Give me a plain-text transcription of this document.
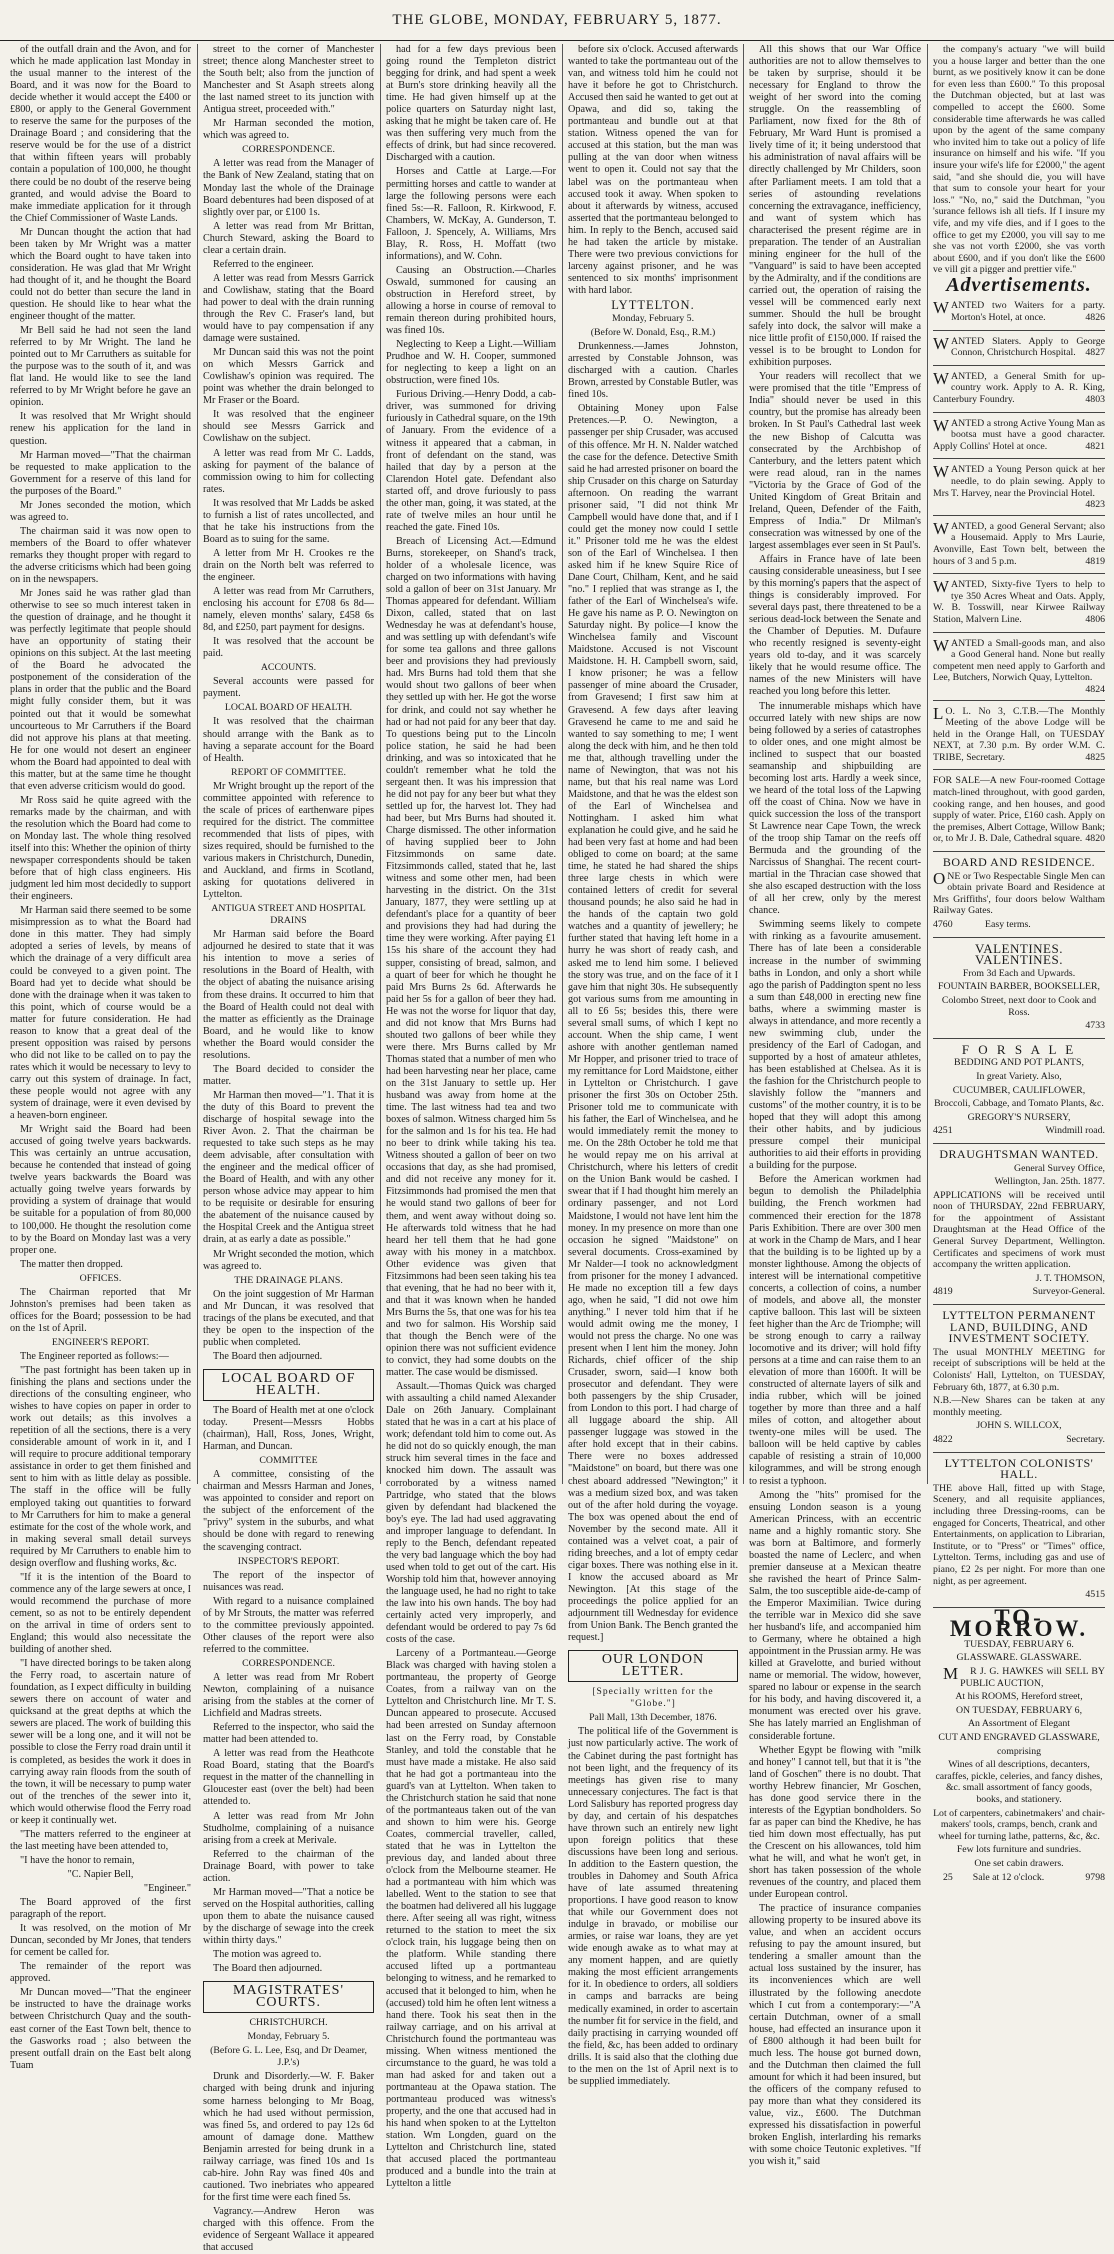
THE GLOBE, MONDAY, FEBRUARY 5, 1877.

of the outfall drain and the Avon, and for which he made application last Monday in the usual manner to the interest of the Board, and it was now for the Board to decide whether it would accept the £400 or £800, or apply to the General Government to reserve the same for the purposes of the Drainage Board ; and considering that the reserve would be for the use of a district that within fifteen years will probably contain a population of 100,000, he thought there could be no doubt of the reserve being granted, and would advise the Board to make immediate application for it through the Chief Commissioner of Waste Lands.

Mr Duncan thought the action that had been taken by Mr Wright was a matter which the Board ought to have taken into consideration. He was glad that Mr Wright had thought of it, and he thought the Board could not do better than secure the land in question. He should like to hear what the engineer thought of the matter.

Mr Bell said he had not seen the land referred to by Mr Wright. The land he pointed out to Mr Carruthers as suitable for the purpose was to the south of it, and was flat land. He would like to see the land referred to by Mr Wright before he gave an opinion.

It was resolved that Mr Wright should renew his application for the land in question.

Mr Harman moved—"That the chairman be requested to make application to the Government for a reserve of this land for the purposes of the Board."

Mr Jones seconded the motion, which was agreed to.

The chairman said it was now open to members of the Board to offer whatever remarks they thought proper with regard to the adverse criticisms which had been going on in the newspapers.

Mr Jones said he was rather glad than otherwise to see so much interest taken in the question of drainage, and he thought it was perfectly legitimate that people should have an opportunity of stating their opinions on this subject. At the last meeting of the Board he advocated the postponement of the consideration of the plans in order that the public and the Board might fully consider them, but it was pointed out that it would be somewhat uncourteous to Mr Carruthers if the Board did not approve his plans at that meeting. He for one would not desert an engineer whom the Board had appointed to deal with this matter, but at the same time he thought that even adverse criticism would do good.

Mr Ross said he quite agreed with the remarks made by the chairman, and with the resolution which the Board had come to on Monday last. The whole thing resolved itself into this: Whether the opinion of thirty newspaper correspondents should be taken before that of high class engineers. His judgment led him most decidedly to support their engineers.

Mr Harman said there seemed to be some misimpression as to what the Board had done in this matter. They had simply adopted a series of levels, by means of which the drainage of a very difficult area could be conveyed to a given point. The Board had yet to decide what should be done with the drainage when it was taken to this point, which of course would be a matter for future consideration. He had reason to know that a great deal of the present opposition was raised by persons who did not like to be called on to pay the rates which it would be necessary to levy to carry out this system of drainage. In fact, these people would not agree with any system of drainage, were it even devised by a heaven-born engineer.

Mr Wright said the Board had been accused of going twelve years backwards. This was certainly an untrue accusation, because he contended that instead of going twelve years backwards the Board was actually going twelve years forwards by providing a system of drainage that would be suitable for a population of from 80,000 to 100,000. He thought the resolution come to by the Board on Monday last was a very proper one.

The matter then dropped.

OFFICES.

The Chairman reported that Mr Johnston's premises had been taken as offices for the Board; possession to be had on the 1st of April.

ENGINEER'S REPORT.

The Engineer reported as follows:—

"The past fortnight has been taken up in finishing the plans and sections under the directions of the consulting engineer, who wishes to have copies on paper in order to work out details; as this involves a repetition of all the sections, there is a very considerable amount of work in it, and I will require to procure additional temporary assistance in order to get them finished and sent to him with as little delay as possible. The staff in the office will be fully employed taking out quantities to forward to Mr Carruthers for him to make a general estimate for the cost of the whole work, and in making several small detail surveys required by Mr Carruthers to enable him to design overflow and flushing works, &c.

"If it is the intention of the Board to commence any of the large sewers at once, I would recommend the purchase of more cement, so as not to be entirely dependent on the arrival in time of orders sent to England; this would also necessitate the building of another shed.

"I have directed borings to be taken along the Ferry road, to ascertain nature of foundation, as I expect difficulty in building sewers there on account of water and quicksand at the great depths at which the sewers are placed. The work of building this sewer will be a long one, and it will not be possible to close the Ferry road drain until it is completed, as besides the work it does in carrying away rain floods from the south of the town, it will be necessary to pump water out of the trenches of the sewer into it, which would otherwise flood the Ferry road or keep it continually wet.

"The matters referred to the engineer at the last meeting have been attended to,

"I have the honor to remain,

"C. Napier Bell,

"Engineer."

The Board approved of the first paragraph of the report.

It was resolved, on the motion of Mr Duncan, seconded by Mr Jones, that tenders for cement be called for.

The remainder of the report was approved.

Mr Duncan moved—"That the engineer be instructed to have the drainage works between Christchurch Quay and the south-east corner of the East Town belt, thence to the Gasworks road ; also between the present outfall drain on the East belt along Tuam

street to the corner of Manchester street; thence along Manchester street to the South belt; also from the junction of Manchester and St Asaph streets along the last named street to its junction with Antigua street, proceeded with."

Mr Harman seconded the motion, which was agreed to.

CORRESPONDENCE.

A letter was read from the Manager of the Bank of New Zealand, stating that on Monday last the whole of the Drainage Board debentures had been disposed of at slightly over par, or £100 1s.

A letter was read from Mr Brittan, Church Steward, asking the Board to clear a certain drain.

Referred to the engineer.

A letter was read from Messrs Garrick and Cowlishaw, stating that the Board had power to deal with the drain running through the Rev C. Fraser's land, but would have to pay compensation if any damage were sustained.

Mr Duncan said this was not the point on which Messrs Garrick and Cowlishaw's opinion was required. The point was whether the drain belonged to Mr Fraser or the Board.

It was resolved that the engineer should see Messrs Garrick and Cowlishaw on the subject.

A letter was read from Mr C. Ladds, asking for payment of the balance of commission owing to him for collecting rates.

It was resolved that Mr Ladds be asked to furnish a list of rates uncollected, and that he take his instructions from the Board as to suing for the same.

A letter from Mr H. Crookes re the drain on the North belt was referred to the engineer.

A letter was read from Mr Carruthers, enclosing his account for £708 6s 8d—namely, eleven months' salary, £458 6s 8d, and £250, part payment for designs.

It was resolved that the account be paid.

ACCOUNTS.

Several accounts were passed for payment.

LOCAL BOARD OF HEALTH.

It was resolved that the chairman should arrange with the Bank as to having a separate account for the Board of Health.

REPORT OF COMMITTEE.

Mr Wright brought up the report of the committee appointed with reference to the scale of prices of earthenware pipes required for the district. The committee recommended that lists of pipes, with sizes required, should be furnished to the various makers in Christchurch, Dunedin, and Auckland, and firms in Scotland, asking for quotations delivered in Lyttelton.

ANTIGUA STREET AND HOSPITAL DRAINS

Mr Harman said before the Board adjourned he desired to state that it was his intention to move a series of resolutions in the Board of Health, with the object of abating the nuisance arising from these drains. It occurred to him that the Board of Health could not deal with the matter as efficiently as the Drainage Board, and he would like to know whether the Board would consider the resolutions.

The Board decided to consider the matter.

Mr Harman then moved—"1. That it is the duty of this Board to prevent the discharge of hospital sewage into the River Avon. 2. That the chairman be requested to take such steps as he may deem advisable, after consultation with the engineer and the medical officer of the Board of Health, and with any other person whose advice may appear to him to be requisite or desirable for ensuring the abatement of the nuisance caused by the Hospital Creek and the Antigua street drain, at as early a date as possible."

Mr Wright seconded the motion, which was agreed to.

THE DRAINAGE PLANS.

On the joint suggestion of Mr Harman and Mr Duncan, it was resolved that tracings of the plans be executed, and that they be open to the inspection of the public when completed.

The Board then adjourned.

LOCAL BOARD OF HEALTH.

The Board of Health met at one o'clock today. Present—Messrs Hobbs (chairman), Hall, Ross, Jones, Wright, Harman, and Duncan.

COMMITTEE

A committee, consisting of the chairman and Messrs Harman and Jones, was appointed to consider and report on the subject of the enforcement of the "privy" system in the suburbs, and what should be done with regard to renewing the scavenging contract.

INSPECTOR'S REPORT.

The report of the inspector of nuisances was read.

With regard to a nuisance complained of by Mr Strouts, the matter was referred to the committee previously appointed. Other clauses of the report were also referred to the committee.

CORRESPONDENCE.

A letter was read from Mr Robert Newton, complaining of a nuisance arising from the stables at the corner of Lichfield and Madras streets.

Referred to the inspector, who said the matter had been attended to.

A letter was read from the Heathcote Road Board, stating that the Board's request in the matter of the channelling in Gloucester east (over the belt) had been attended to.

A letter was read from Mr John Studholme, complaining of a nuisance arising from a creek at Merivale.

Referred to the chairman of the Drainage Board, with power to take action.

Mr Harman moved—"That a notice be served on the Hospital authorities, calling upon them to abate the nuisance caused by the discharge of sewage into the creek within thirty days."

The motion was agreed to.

The Board then adjourned.

MAGISTRATES' COURTS.

CHRISTCHURCH.

Monday, February 5.

(Before G. L. Lee, Esq, and Dr Deamer, J.P.'s)

Drunk and Disorderly.—W. F. Baker charged with being drunk and injuring some harness belonging to Mr Boag, which he had used without permission, was fined 5s, and ordered to pay 12s 6d amount of damage done. Matthew Benjamin arrested for being drunk in a railway carriage, was fined 10s and 1s cab-hire. John Ray was fined 40s and cautioned. Two inebriates who appeared for the first time were each fined 5s.

Vagrancy.—Andrew Heron was charged with this offence. From the evidence of Sergeant Wallace it appeared that accused

had for a few days previous been going round the Templeton district begging for drink, and had spent a week at Burn's store drinking heavily all the time. He had given himself up at the police quarters on Saturday night last, asking that he might be taken care of. He was then suffering very much from the effects of drink, but had since recovered. Discharged with a caution.

Horses and Cattle at Large.—For permitting horses and cattle to wander at large the following persons were each fined 5s:—R. Falloon, R. Kirkwood, F. Chambers, W. McKay, A. Gunderson, T. Falloon, J. Spencely, A. Williams, Mrs Blay, R. Ross, H. Moffatt (two informations), and W. Cohn.

Causing an Obstruction.—Charles Oswald, summoned for causing an obstruction in Hereford street, by allowing a horse in course of removal to remain thereon during prohibited hours, was fined 10s.

Neglecting to Keep a Light.—William Prudhoe and W. H. Cooper, summoned for neglecting to keep a light on an obstruction, were fined 10s.

Furious Driving.—Henry Dodd, a cab-driver, was summoned for driving furiously in Cathedral square, on the 19th of January. From the evidence of a witness it appeared that a cabman, in front of defendant on the stand, was hailed that day by a person at the Clarendon Hotel gate. Defendant also started off, and drove furiously to pass the other man, going, it was stated, at the rate of twelve miles an hour until he reached the gate. Fined 10s.

Breach of Licensing Act.—Edmund Burns, storekeeper, on Shand's track, holder of a wholesale licence, was charged on two informations with having sold a gallon of beer on 31st January. Mr Thomas appeared for defendant. William Dixon, called, stated that on last Wednesday he was at defendant's house, and was settling up with defendant's wife for some tea gallons and three gallons beer and provisions they had previously had. Mrs Burns had told them that she would shout two gallons of beer when they settled up with her. He got the worse for drink, and could not say whether he had or had not paid for any beer that day. To questions being put to the Lincoln police station, he said he had been drinking, and was so intoxicated that he couldn't remember what he told the sergeant then. It was his impression that he did not pay for any beer but what they settled up for, the harvest lot. They had had beer, but Mrs Burns had shouted it. Charge dismissed. The other information of having supplied beer to John Fitzsimmonds on same date. Fitzsimmonds called, stated that he, last witness and some other men, had been harvesting in the district. On the 31st January, 1877, they were settling up at defendant's place for a quantity of beer and provisions they had had during the time they were working. After paying £1 15s his share of the account they had supper, consisting of bread, salmon, and a quart of beer for which he thought he paid Mrs Burns 2s 6d. Afterwards he paid her 5s for a gallon of beer they had. He was not the worse for liquor that day, and did not know that Mrs Burns had shouted two gallons of beer while they were there. Mrs Burns called by Mr Thomas stated that a number of men who had been harvesting near her place, came on the 31st January to settle up. Her husband was away from home at the time. The last witness had tea and two boxes of salmon. Witness charged him 5s for the salmon and 1s for his tea. He had no beer to drink while taking his tea. Witness shouted a gallon of beer on two occasions that day, as she had promised, and did not receive any money for it. Fitzsimmonds had promised the men that he would stand two gallons of beer for them, and went away without doing so. He afterwards told witness that he had heard her tell them that he had gone away with his money in a matchbox. Other evidence was given that Fitzsimmons had been seen taking his tea that evening, that he had no beer with it, and that it was known when he handed Mrs Burns the 5s, that one was for his tea and two for salmon. His Worship said that though the Bench were of the opinion there was not sufficient evidence to convict, they had some doubts on the matter. The case would be dismissed.

Assault.—Thomas Quick was charged with assaulting a child named Alexander Dale on 26th January. Complainant stated that he was in a cart at his place of work; defendant told him to come out. As he did not do so quickly enough, the man struck him several times in the face and knocked him down. The assault was corroborated by a witness named Partridge, who stated that the blows given by defendant had blackened the boy's eye. The lad had used aggravating and improper language to defendant. In reply to the Bench, defendant repeated the very bad language which the boy had used when told to get out of the cart. His Worship told him that, however annoying the language used, he had no right to take the law into his own hands. The boy had certainly acted very improperly, and defendant would be ordered to pay 7s 6d costs of the case.

Larceny of a Portmanteau.—George Black was charged with having stolen a portmanteau, the property of George Coates, from a railway van on the Lyttelton and Christchurch line. Mr T. S. Duncan appeared to prosecute. Accused had been arrested on Sunday afternoon last on the Ferry road, by Constable Stanley, and told the constable that he must have made a mistake. He also said that he had got a portmanteau into the guard's van at Lyttelton. When taken to the Christchurch station he said that none of the portmanteaus taken out of the van and shown to him were his. George Coates, commercial traveller, called, stated that he was in Lyttelton the previous day, and landed about three o'clock from the Melbourne steamer. He had a portmanteau with him which was labelled. Went to the station to see that the boatmen had delivered all his luggage there. After seeing all was right, witness returned to the station to meet the six o'clock train, his luggage being then on the platform. While standing there accused lifted up a portmanteau belonging to witness, and he remarked to accused that it belonged to him, when he (accused) told him he often lent witness a hand there. Took his seat then in the railway carriage, and on his arrival at Christchurch found the portmanteau was missing. When witness mentioned the circumstance to the guard, he was told a man had asked for and taken out a portmanteau at the Opawa station. The portmanteau produced was witness's property, and the one that accused had in his hand when spoken to at the Lyttelton station. Wm Longden, guard on the Lyttelton and Christchurch line, stated that accused placed the portmanteau produced and a bundle into the train at Lyttelton a little

before six o'clock. Accused afterwards wanted to take the portmanteau out of the van, and witness told him he could not have it before he got to Christchurch. Accused then said he wanted to get out at Opawa, and did so, taking the portmanteau and bundle out at that station. Witness opened the van for accused at this station, but the man was pulling at the van door when witness went to open it. Could not say that the label was on the portmanteau when accused took it away. When spoken to about it afterwards by witness, accused asserted that the portmanteau belonged to him. In reply to the Bench, accused said he had taken the article by mistake. There were two previous convictions for larceny against prisoner, and he was sentenced to six months' imprisonment with hard labor.

LYTTELTON.

Monday, February 5.

(Before W. Donald, Esq., R.M.)

Drunkenness.—James Johnston, arrested by Constable Johnson, was discharged with a caution. Charles Brown, arrested by Constable Butler, was fined 10s.

Obtaining Money upon False Pretences.—P. O. Newington, a passenger per ship Crusader, was accused of this offence. Mr H. N. Nalder watched the case for the defence. Detective Smith said he had arrested prisoner on board the ship Crusader on this charge on Saturday afternoon. On reading the warrant prisoner said, "I did not think Mr Campbell would have done that, and if I could get the money now could I settle it." Prisoner told me he was the eldest son of the Earl of Winchelsea. I then asked him if he knew Squire Rice of Dane Court, Chilham, Kent, and he said "no." I replied that was strange as I, the father of the Earl of Winchelsea's wife. He gave his name as P. O. Newington on Saturday night. By police—I know the Winchelsea family and Viscount Maidstone. Accused is not Viscount Maidstone. H. H. Campbell sworn, said, I know prisoner; he was a fellow passenger of mine aboard the Crusader, from Gravesend; I first saw him at Gravesend. A few days after leaving Gravesend he came to me and said he wanted to say something to me; I went along the deck with him, and he then told me that, although travelling under the name of Newington, that was not his name, but that his real name was Lord Maidstone, and that he was the eldest son of the Earl of Winchelsea and Nottingham. I asked him what explanation he could give, and he said he had been very fast at home and had been obliged to come on board; at the same time, he stated he had shared the ships three large chests in which were contained letters of credit for several thousand pounds; he also said he had in the hands of the captain two gold watches and a quantity of jewellery; he further stated that having left home in a hurry he was short of ready cash, and asked me to lend him some. I believed the story was true, and on the face of it I gave him that night 30s. He subsequently got various sums from me amounting in all to £6 5s; besides this, there were several small sums, of which I kept no account. When the ship came, I went ashore with another gentleman named Mr Hopper, and prisoner tried to trace of my remittance for Lord Maidstone, either in Lyttelton or Christchurch. I gave prisoner the first 30s on October 25th. Prisoner told me to communicate with his father, the Earl of Winchelsea, and he would immediately remit the money to me. On the 28th October he told me that he would repay me on his arrival at Christchurch, where his letters of credit on the Union Bank would be cashed. I swear that if I had thought him merely an ordinary passenger, and not Lord Maidstone, I would not have lent him the money. In my presence on more than one occasion he signed "Maidstone" on several documents. Cross-examined by Mr Nalder—I took no acknowledgment from prisoner for the money I advanced. He made no exception till a few days ago, when he said, "I did not owe him anything." I never told him that if he would admit owing me the money, I would not press the charge. No one was present when I lent him the money. John Richards, chief officer of the ship Crusader, sworn, said—I know both prosecutor and defendant. They were both passengers by the ship Crusader, from London to this port. I had charge of all luggage aboard the ship. All passenger luggage was stowed in the after hold except that in their cabins. There were no boxes addressed "Maidstone" on board, but there was one chest aboard addressed "Newington;" it was a medium sized box, and was taken out of the after hold during the voyage. The box was opened about the end of November by the second mate. All it contained was a velvet coat, a pair of riding breeches, and a lot of empty cedar cigar boxes. There was nothing else in it. I know the accused aboard as Mr Newington. [At this stage of the proceedings the police applied for an adjournment till Wednesday for evidence from Union Bank. The Bench granted the request.]

OUR LONDON LETTER.

[Specially written for the "Globe."]

Pall Mall, 13th December, 1876.

The political life of the Government is just now particularly active. The work of the Cabinet during the past fortnight has not been light, and the frequency of its meetings has given rise to many unnecessary conjectures. The fact is that Lord Salisbury has reported progress day by day, and certain of his despatches have thrown such an entirely new light upon foreign politics that these discussions have been long and serious. In addition to the Eastern question, the troubles in Dahomey and South Africa have of late assumed threatening proportions. I have good reason to know that while our Government does not indulge in bravado, or mobilise our armies, or raise war loans, they are yet wide enough awake as to what may at any moment happen, and are quietly making the most efficient arrangements for it. In obedience to orders, all soldiers in camps and barracks are being medically examined, in order to ascertain the number fit for service in the field, and daily practising in carrying wounded off the field, &c, has been added to ordinary drills. It is said also that the clothing due to the men on the 1st of April next is to be supplied immediately.

All this shows that our War Office authorities are not to allow themselves to be taken by surprise, should it be necessary for England to throw the weight of her sword into the coming struggle. On the reassembling of Parliament, now fixed for the 8th of February, Mr Ward Hunt is promised a lively time of it; it being understood that his administration of naval affairs will be directly challenged by Mr Childers, soon after Parliament meets. I am told that a series of astounding revelations concerning the extravagance, inefficiency, and want of system which has characterised the present régime are in preparation. The tender of an Australian mining engineer for the hull of the "Vanguard" is said to have been accepted by the Admiralty, and if the conditions are carried out, the operation of raising the vessel will be commenced early next summer. Should the hull be brought safely into dock, the salvor will make a nice little profit of £150,000. If raised the vessel is to be brought to London for exhibition purposes.

Your readers will recollect that we were promised that the title "Empress of India" should never be used in this country, but the promise has already been broken. In St Paul's Cathedral last week the new Bishop of Calcutta was consecrated by the Archbishop of Canterbury, and the letters patent which were read aloud, ran in the names "Victoria by the Grace of God of the United Kingdom of Great Britain and Ireland, Queen, Defender of the Faith, Empress of India." Dr Milman's consecration was witnessed by one of the largest assemblages ever seen in St Paul's.

Affairs in France have of late been causing considerable uneasiness, but I see by this morning's papers that the aspect of things is considerably improved. For several days past, there threatened to be a serious dead-lock between the Senate and the Chamber of Deputies. M. Dufaure who recently resigned is seventy-eight years old to-day, and it was scarcely likely that he would resume office. The names of the new Ministers will have reached you long before this letter.

The innumerable mishaps which have occurred lately with new ships are now being followed by a series of catastrophes to older ones, and one might almost be inclined to suspect that our boasted seamanship and shipbuilding are becoming lost arts. Hardly a week since, we heard of the total loss of the Lapwing off the coast of China. Now we have in quick succession the loss of the transport St Lawrence near Cape Town, the wreck of the troop ship Tamar on the reefs off Bermuda and the grounding of the Narcissus of Shanghai. The recent court-martial in the Thracian case showed that she also escaped destruction with the loss of all her crew, only by the merest chance.

Swimming seems likely to compete with rinking as a favourite amusement. There has of late been a considerable increase in the number of swimming baths in London, and only a short while ago the parish of Paddington spent no less a sum than £48,000 in erecting new fine baths, where a swimming master is always in attendance, and more recently a new swimming club, under the presidency of the Earl of Cadogan, and supported by a host of amateur athletes, has been established at Chelsea. As it is the fashion for the Christchurch people to slavishly follow the "manners and customs" of the mother country, it is to be hoped that they will adopt this among their other habits, and by judicious pressure compel their municipal authorities to aid their efforts in providing a building for the purpose.

Before the American workmen had begun to demolish the Philadelphia building, the French workmen had commenced their erection for the 1878 Paris Exhibition. There are over 300 men at work in the Champ de Mars, and I hear that the building is to be lighted up by a monster lighthouse. Among the objects of interest will be international competitive concerts, a collection of coins, a number of models, and above all, the monster captive balloon. This last will be sixteen feet higher than the Arc de Triomphe; will be strong enough to carry a railway locomotive and its driver; will hold fifty persons at a time and can raise them to an elevation of more than 1600ft. It will be constructed of alternate layers of silk and india rubber, which will be joined together by more than three and a half miles of cotton, and altogether about twenty-one miles will be used. The balloon will be held captive by cables capable of resisting a strain of 10,000 kilogrammes, and will be strong enough to resist a typhoon.

Among the "hits" promised for the ensuing London season is a young American Princess, with an eccentric name and a highly romantic story. She was born at Baltimore, and formerly boasted the name of Leclerc, and when premier danseuse at a Mexican theatre she ravished the heart of Prince Salm-Salm, the too susceptible aide-de-camp of the Emperor Maximilian. Twice during the terrible war in Mexico did she save her husband's life, and accompanied him to Germany, where he obtained a high appointment in the Prussian army. He was killed at Gravelotte, and buried without name or memorial. The widow, however, spared no labour or expense in the search for his body, and having discovered it, a monument was erected over his grave. She has lately married an Englishman of considerable fortune.

Whether Egypt be flowing with "milk and honey" I cannot tell, but that it is "the land of Goschen" there is no doubt. That worthy Hebrew financier, Mr Goschen, has done good service there in the interests of the Egyptian bondholders. So far as paper can bind the Khedive, he has tied him down most effectually, has put the Crescent on his allowances, told him what he will, and what he won't get, in short has taken possession of the whole revenues of the country, and placed them under European control.

The practice of insurance companies allowing property to be insured above its value, and when an accident occurs refusing to pay the amount insured, but tendering a smaller amount than the actual loss sustained by the insurer, has its inconveniences which are well illustrated by the following anecdote which I cut from a contemporary:—"A certain Dutchman, owner of a small house, had effected an insurance upon it of £800 although it had been built for much less. The house got burned down, and the Dutchman then claimed the full amount for which it had been insured, but the officers of the company refused to pay more than what they considered its value, viz., £600. The Dutchman expressed his dissatisfaction in powerful broken English, interlarding his remarks with some choice Teutonic expletives. "If you wish it," said

the company's actuary "we will build you a house larger and better than the one burnt, as we positively know it can be done for even less than £600." To this proposal the Dutchman objected, but at last was compelled to accept the £600. Some considerable time afterwards he was called upon by the agent of the same company who invited him to take out a policy of life insurance on himself and his wife. "If you insure your wife's life for £2000," the agent said, "and she should die, you will have that sum to console your heart for your loss." "No, no," said the Dutchman, "you 'surance fellows ish all tiefs. If I insure my vife, and my vife dies, and if I goes to the office to get my £2000, you vill say to me she vas not vorth £2000, she vas vorth about £600, and if you don't like the £600 ve vill git a pigger and prettier vife."

Advertisements.

WANTED two Waiters for a party. Morton's Hotel, at once.	4826

WANTED Slaters. Apply to George Connon, Christchurch Hospital. 4827

WANTED, a General Smith for up-country work. Apply to A. R. King, Canterbury Foundry.	4803

WANTED a strong Active Young Man as bootsa must have a good character. Apply Collins' Hotel at once.	4821

WANTED a Young Person quick at her needle, to do plain sewing. Apply to Mrs T. Harvey, near the Provincial Hotel.
4823

WANTED, a good General Servant; also a Housemaid. Apply to Mrs Laurie, Avonville, East Town belt, between the hours of 3 and 5 p.m.	4819

WANTED, Sixty-five Tyers to help to tye 350 Acres Wheat and Oats. Apply, W. B. Tosswill, near Kirwee Railway Station, Malvern Line.	4806

WANTED a Small-goods man, and also a Good General hand. None but really competent men need apply to Garforth and Lee, Butchers, Norwich Quay, Lyttelton.
4824

L O. L. No 3, C.T.B.—The Monthly Meeting of the above Lodge will be held in the Orange Hall, on TUESDAY NEXT, at 7.30 p.m. By order W.M. C. TRIBE, Secretary.	4825

FOR SALE—A new Four-roomed Cottage match-lined throughout, with good garden, cooking range, and hen houses, and good supply of water. Price, £160 cash. Apply on the premises, Albert Cottage, Willow Bank; or, to Mr J. B. Dale, Cathedral square. 4820

BOARD AND RESIDENCE.

ONE or Two Respectable Single Men can obtain private Board and Residence at Mrs Griffiths', four doors below Waltham Railway Gates.

4760	Easy terms.

VALENTINES. VALENTINES.

From 3d Each and Upwards.

FOUNTAIN BARBER, BOOKSELLER,

Colombo Street, next door to Cook and Ross.

4733

F O R S A L E

BEDDING AND POT PLANTS,

In great Variety. Also,

CUCUMBER, CAULIFLOWER,

Broccoli, Cabbage, and Tomato Plants, &c.

GREGORY'S NURSERY,

4251	Windmill road.

DRAUGHTSMAN WANTED.

General Survey Office,

Wellington, Jan. 25th. 1877.

APPLICATIONS will be received until noon of THURSDAY, 22nd FEBRUARY, for the appointment of Assistant Draughtsman at the Head Office of the General Survey Department, Wellington. Certificates and specimens of work must accompany the written application.

J. T. THOMSON,

4819	Surveyor-General.

LYTTELTON PERMANENT LAND, BUILDING, AND INVESTMENT SOCIETY.

The usual MONTHLY MEETING for receipt of subscriptions will be held at the Colonists' Hall, Lyttelton, on TUESDAY, February 6th, 1877, at 6.30 p.m.

N.B.—New Shares can be taken at any monthly meeting.

JOHN S. WILLCOX,

4822	Secretary.

LYTTELTON COLONISTS' HALL.

THE above Hall, fitted up with Stage, Scenery, and all requisite appliances, including three Dressing-rooms, can be engaged for Concerts, Theatrical, and other Entertainments, on application to Librarian, Institute, or to "Press" or "Times" office, Lyttelton. Terms, including gas and use of piano, £2 2s per night. For more than one night, as per agreement.

4515

TO-MORROW.

TUESDAY, FEBRUARY 6.

GLASSWARE. GLASSWARE.

M R J. G. HAWKES will SELL BY PUBLIC AUCTION,

At his ROOMS, Hereford street,

ON TUESDAY, FEBRUARY 6,

An Assortment of Elegant

CUT AND ENGRAVED GLASSWARE,

comprising

Wines of all descriptions, decanters, caraffes, pickle, celeries, and fancy dishes, &c. small assortment of fancy goods, books, and stationery.

Lot of carpenters, cabinetmakers' and chair-makers' tools, cramps, bench, crank and wheel for turning lathe, patterns, &c, &c.

Few lots furniture and sundries.

One set cabin drawers.

25 Sale at 12 o'clock.	9798
